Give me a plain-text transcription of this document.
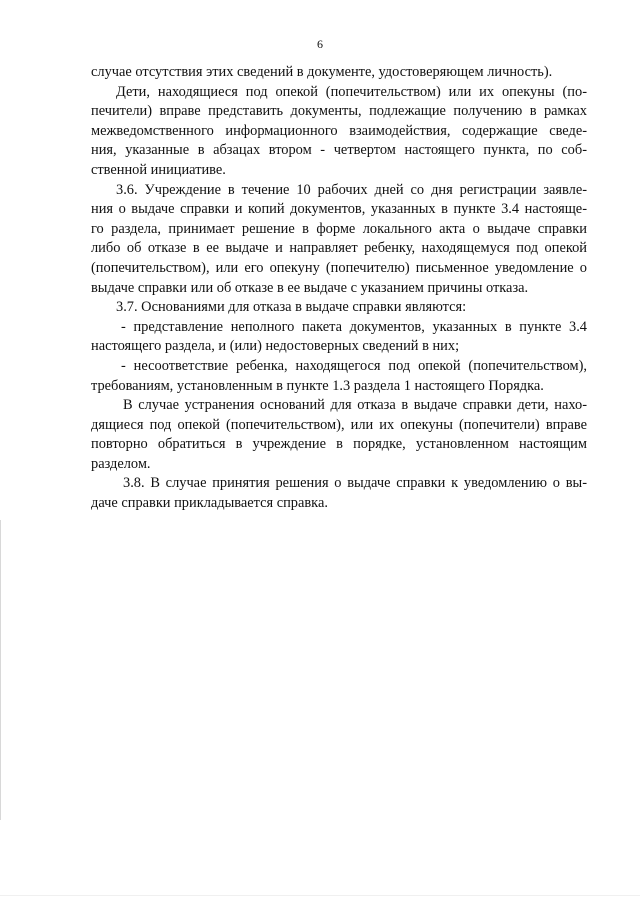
6
случае отсутствия этих сведений в документе, удостоверяющем личность).
Дети, находящиеся под опекой (попечительством) или их опекуны (по-
печители) вправе представить документы, подлежащие получению в рамках
межведомственного информационного взаимодействия, содержащие сведе-
ния, указанные в абзацах втором - четвертом настоящего пункта, по соб-
ственной инициативе.
3.6. Учреждение в течение 10 рабочих дней со дня регистрации заявле-
ния о выдаче справки и копий документов, указанных в пункте 3.4 настояще-
го раздела, принимает решение в форме локального акта о выдаче справки
либо об отказе в ее выдаче и направляет ребенку, находящемуся под опекой
(попечительством), или его опекуну (попечителю) письменное уведомление о
выдаче справки или об отказе в ее выдаче с указанием причины отказа.
3.7. Основаниями для отказа в выдаче справки являются:
- представление неполного пакета документов, указанных в пункте 3.4
настоящего раздела, и (или) недостоверных сведений в них;
- несоответствие ребенка, находящегося под опекой (попечительством),
требованиям, установленным в пункте 1.3 раздела 1 настоящего Порядка.
В случае устранения оснований для отказа в выдаче справки дети, нахо-
дящиеся под опекой (попечительством), или их опекуны (попечители) вправе
повторно обратиться в учреждение в порядке, установленном настоящим
разделом.
3.8. В случае принятия решения о выдаче справки к уведомлению о вы-
даче справки прикладывается справка.
